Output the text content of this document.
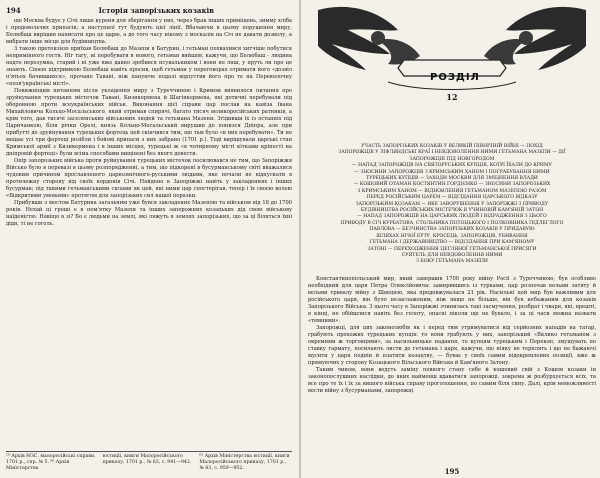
194	Історія запорізьких козаків

що Москва будує у Січі лише куреня для зберігання у них, через брак інших приміщень, зимму хліба і продовольчих припасів; а наступної тут будують цієї лінії. Вбачаючи в цьому порушення миру, Болюбаш вирішив написати про це царю, а до того часу нікому з москалів на Січ не давати дозволу, а вибрати інше місце для будівництва.

З такою претензією приїхав Болюбаш до Мазепи в Батурин, і гетьман похвалився хитчіше побутися непримінного гостя. Ніг тагу, ні перебувати в нового, гетьман вийшов, кажучи, що Болюбаш - людина надто нерозумна, старий і ні уже вже давно зробився нсувальником і вони не лнш, у пруть ли про це знають. Своєю підтримкою Болюбаш навіть просив, щоб гетьман у переговорах отримати його «дозвіл п'ятьох бачившихся», прочане Тавані, ніж пануюче подалі відпустив його про те на Переволочну «позв'українські місті».

Повижніщим питанням після укладення миру з Туреччиною і Кримом виявилося питання про зруйнування турецьких містечок Тавані, Кизикермена й Шагінкермена, які дотичні перебували під оборонною проти всеукраїнських військ. Виконання цієї справи цар послав на кавіза Івана Михайловича Кольцо-Мосальського, який отримав спирячі, багато тисяч великоросійських ратників, а крім того, дав тисячі заселенських військових людей та гетьмана Мазепи. Згідивши їх із останніх під Царичанкою, біля річки Орелі, князь Кольцо-Мосальський вирушив до понизся Дніпра, але при прибутті до зруйнування турецьких фортець цей скінчився тим, що там було «в них перебувати». Ти не мешає усі три фортеці розібли і бойові припаси з них забрано (1701 р.). Тоді вирішували царські стан Кримської армії з Кизикермена і в інших місцях, турецькі ж «в чотирному місті кітками кріпості на дніпровій фортеці» були всіма способами вищінені без якого довести.

Опір запорозьких війська проти руйнування турецьких містечок посилювався не тим, що Запоріжжя Військо було в перевазі в цьому розпорядженні, а тим, що підкорені в бусурманському світі вважалися чудовим причином прославленого царюзянічного-руськими людьми, яке почали не відпускати в протилежну сторону від своїх кордонів Січі. Найдено в Запоріжжі навіть у закладениях і інших бусурман; під такими гетьманськими силами як цей, які ними цар спостерігав, тепер і їх своєю волею «Відкритими умовами» протягом для запорізьких сил нашої поразки.

Прибувши з мостом Батурина загальним уже бувся закладених Мазепою та військом від 18 до 1700 років. Нехай ці гроші є в пом'ятку Мазепи та інших запорожних козацьких дід свою військову наїденістю. Навіщо в зі? Бо є людьми на землі, які ляжуть в землях запорізьких, що за ці біляться їхні діди, ті не гоголь.

¹⁹ Архів МЗС, малоросійські справи, 1701 р., спр. № 5. ⁶⁰ Архів Міністерства
юстиції, книги Малоросійського приказу, 1701 р., № 83, с. 941—942.
⁶¹ Архів Міністерства юстиції, книги Малоросійського приказу, 1701 р., № 83, с. 959—952.
РОЗДІЛ
12
УЧАСТЬ ЗАПОРІЗЬКИХ КОЗАКІВ У ВЕЛИКІЙ ПІВНІЧНІЙ ВІЙНІ — ПОХІД
ЗАПОРОЖЦІВ У ЛІФЛЯНДСЬКІ КРАЇ І НЕВДОВОЛЕННЯ НИМИ ГЕТЬМАНА МАЗЕПИ — ДІЇ ЗАПОРОЖЦІВ ПІД НОВГОРОДОМ
— НАПАД ЗАПОРОЖЦІВ НА СВЯТОРУСЬКИХ КУПЦІВ, КОТРІ ЇХАЛИ ДО КРИМУ
— ЗНОСИНИ ЗАПОРОЖЦІВ З КРИМСЬКИМ ХАНОМ І ПОГРАБУВАННЯ НИМИ
ТУРЕЦЬКИХ КУПЦІВ — ЗАХОДИ МОСКВИ ДЛЯ ЗМІЦНЕННЯ ВЛАДИ
— КОШОВИЙ ОТАМАН КОСТЯНТИН ГОРДІЄНКО — ЗНОСИНИ ЗАПОРОЗЬКИХ
З КРИМСЬКИМ ХАНОМ — ВІДНОВЛЕНИЯ ГЕТЬМАНОМ МАЗЕПОЮ РАЗОМ
ПЕРЕД РОСІЙСЬКИМ ЦАРЕМ — ВІДСІДАННЯ ЦАРСЬКОГО ВІДКАЗУ
ЗАПОРІЗЬКИМ КОЗАКАМ — ЯКЕ ЗАВОРУШЕННЯ У ЗАПОРІЖЖІ З ПРИВОДУ
БУДІВНИЦТВА РОСІЙСЬКИХ МІСТЕЧОК В УЧИНОВІЙ КАМ'ЯНІЙ ЗАТОН
— НАПАД ЗАПОРОЖЦІВ НА ЦАРСЬКИХ ЛЮДЕЙ І ВІДРАДЖЕННЯ З ЦЬОГО
ПРИВОДУ В СІЧ КУРБАТОВА, СТОЛЬНИКА ПОТОЦЬКОГО І ПОЛКОВНИКА ПІДЛЕГЛОГО
ПАВЛОВА — БЕЗЧИНСТВА ЗАПОРІЗЬКИХ КОЗАКІВ У ПРИДАВУЮ
ШЛЯХАХ НІЧОЇ БУТУ, КРОСЕЦЬ, ЗАПОРОЖЦІВ, УБИВАННЯ
ГЕТЬМАНА І ДЕРЖАВНИЦТВО — ВІДСІДАННЯ ПРИ КАМ'ЯНОМУ
ЗАТОНІ — ПЕРЕХОДЖЕННЯ ЦЕГЛЯНОЇ ГЕТЬМАНСЬКОЇ ПРИСЯГИ
СУЯТЕЛЬ ДЛЯ НЕВДОВОЛЕННЯ НИМИ
З БОКУ ГЕТЬМАНА МАЗЕПИ

Константинопольський мир, який завершив 1700 року війну Росії з Туреччиною, був особливо необхідний для царя Петра Олексійовича: замирившись із турками, цар розпочав вельми затяту й вельми тривалу війну з Швецією, яка продовжувалася 21 рік. Насильні цей мир був важливим для російського царя, він було незаслаженим, ніж якщо не більше, він був небажаним для козаків Запорізького Війська. З цього часу в Запоріжжі зчинилась такі засмучення, розбрат і чвари, які, врешті, в кінці, не обійшлися навіть без голоту, опасні ніколи ще не бувало, і за ці часи можна назвати «темними».

Запорожці, для цих законолюбів як і перед тим утримуватися від серйозних нападів на татар, грабують прохожих турецьких купців: то вони грабують у них, запорізький «Вклико гетьманом з окремими ж торговцями», за насильницьке надання, то купцям турецьким і Перекоп, змушувать по ставку гармату, посилають листи до гетьмана і царя, кажучи, що ніяку не терплять і що не бажаючі мусити у царя подніи й платити козацтву, — буває у своїх самим відокремлених позиції, вже ж прямуючих у сторону Козацького Вільського Війська й Кам'яного Затону.

Таким чином, вони ведуть заміну певного стану себе й кошовий свій з Кошем козаки ін законопослушних наслідки, до яких найменш вдаватися запорожці, зокрема ж розбурхується всіх, та все про те їх і їх за вищого війська справу проголошення, по самим біля сину. Далі, крім неможливості вести війну з бусурманами, запорожці

195
